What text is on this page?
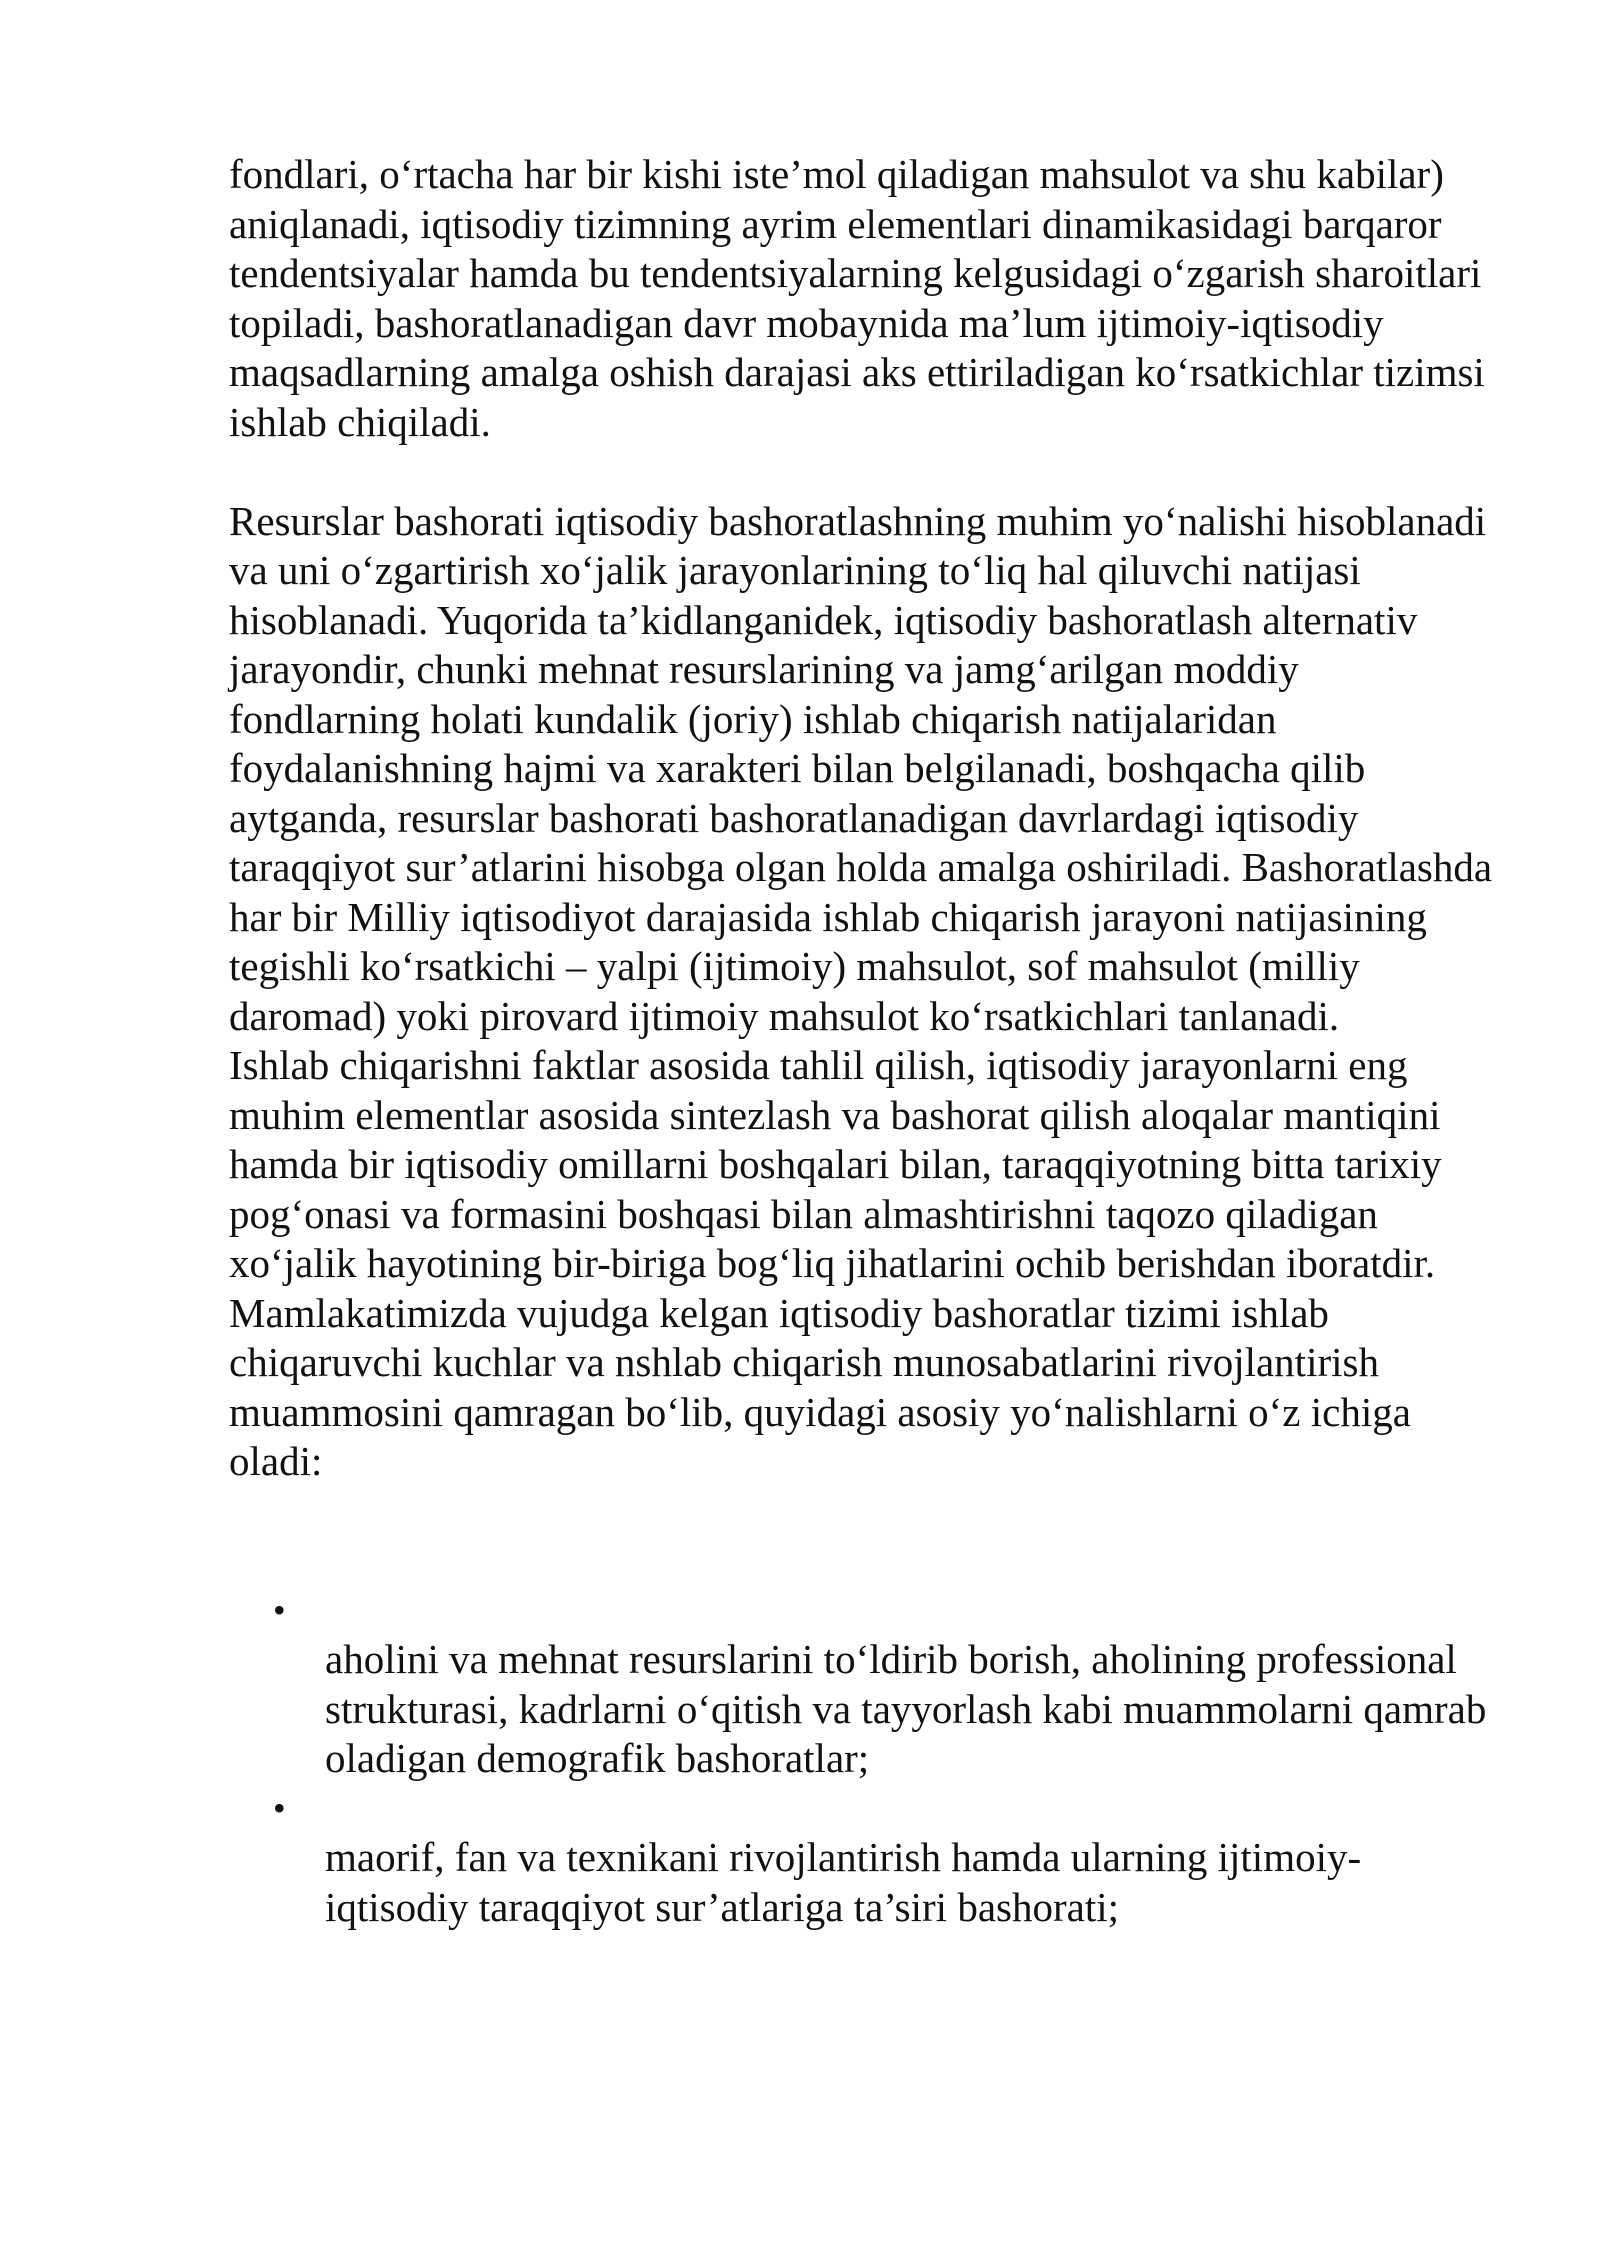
fondlari, o‘rtacha har bir kishi iste’mol qiladigan mahsulot va shu kabilar) aniqlanadi, iqtisodiy tizimning ayrim elementlari dinamikasidagi barqaror tendentsiyalar hamda bu tendentsiyalarning kelgusidagi o‘zgarish sharoitlari topiladi, bashoratlanadigan davr mobaynida ma’lum ijtimoiy-iqtisodiy maqsadlarning amalga oshish darajasi aks ettiriladigan ko‘rsatkichlar tizimsi ishlab chiqiladi.

Resurslar bashorati iqtisodiy bashoratlashning muhim yo‘nalishi hisoblanadi va uni o‘zgartirish xo‘jalik jarayonlarining to‘liq hal qiluvchi natijasi hisoblanadi. Yuqorida ta’kidlanganidek, iqtisodiy bashoratlash alternativ jarayondir, chunki mehnat resurslarining va jamg‘arilgan moddiy fondlarning holati kundalik (joriy) ishlab chiqarish natijalaridan foydalanishning hajmi va xarakteri bilan belgilanadi, boshqacha qilib aytganda, resurslar bashorati bashoratlanadigan davrlardagi iqtisodiy taraqqiyot sur’atlarini hisobga olgan holda amalga oshiriladi. Bashoratlashda har bir Milliy iqtisodiyot darajasida ishlab chiqarish jarayoni natijasining tegishli ko‘rsatkichi – yalpi (ijtimoiy) mahsulot, sof mahsulot (milliy daromad) yoki pirovard ijtimoiy mahsulot ko‘rsatkichlari tanlanadi.

Ishlab chiqarishni faktlar asosida tahlil qilish, iqtisodiy jarayonlarni eng muhim elementlar asosida sintezlash va bashorat qilish aloqalar mantiqini hamda bir iqtisodiy omillarni boshqalari bilan, taraqqiyotning bitta tarixiy pog‘onasi va formasini boshqasi bilan almashtirishni taqozo qiladigan xo‘jalik hayotining bir-biriga bog‘liq jihatlarini ochib berishdan iboratdir.

Mamlakatimizda vujudga kelgan iqtisodiy bashoratlar tizimi ishlab chiqaruvchi kuchlar va nshlab chiqarish munosabatlarini rivojlantirish muammosini qamragan bo‘lib, quyidagi asosiy yo‘nalishlarni o‘z ichiga oladi:

•
aholini va mehnat resurslarini to‘ldirib borish, aholining professional strukturasi, kadrlarni o‘qitish va tayyorlash kabi muammolarni qamrab oladigan demografik bashoratlar;
•
maorif, fan va texnikani rivojlantirish hamda ularning ijtimoiy-iqtisodiy taraqqiyot sur’atlariga ta’siri bashorati;
